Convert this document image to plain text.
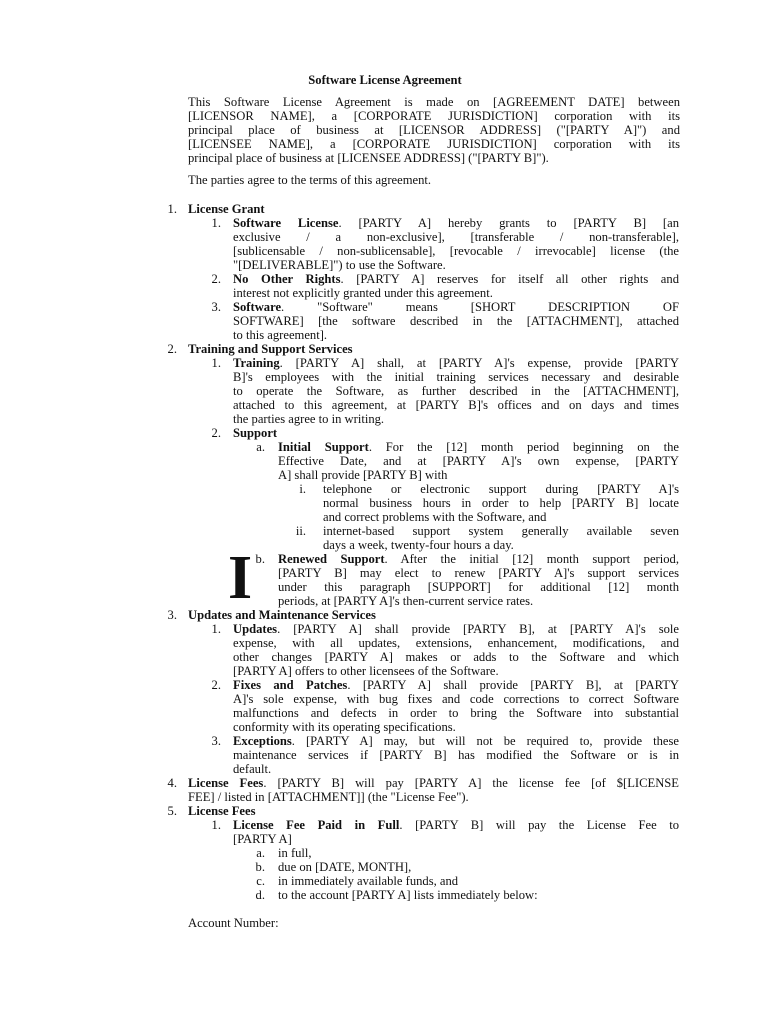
Software License Agreement
This Software License Agreement is made on [AGREEMENT DATE] between
[LICENSOR NAME], a [CORPORATE JURISDICTION] corporation with its
principal place of business at [LICENSOR ADDRESS] ("[PARTY A]") and
[LICENSEE NAME], a [CORPORATE JURISDICTION] corporation with its
principal place of business at [LICENSEE ADDRESS] ("[PARTY B]").
The parties agree to the terms of this agreement.
1. License Grant
1. Software License. [PARTY A] hereby grants to [PARTY B] [an
exclusive / a non-exclusive], [transferable / non-transferable],
[sublicensable / non-sublicensable], [revocable / irrevocable] license (the
"[DELIVERABLE]") to use the Software.
2. No Other Rights. [PARTY A] reserves for itself all other rights and
interest not explicitly granted under this agreement.
3. Software. "Software" means [SHORT DESCRIPTION OF
SOFTWARE] [the software described in the [ATTACHMENT], attached
to this agreement].
2. Training and Support Services
1. Training. [PARTY A] shall, at [PARTY A]'s expense, provide [PARTY
B]'s employees with the initial training services necessary and desirable
to operate the Software, as further described in the [ATTACHMENT],
attached to this agreement, at [PARTY B]'s offices and on days and times
the parties agree to in writing.
2. Support
a. Initial Support. For the [12] month period beginning on the
Effective Date, and at [PARTY A]'s own expense, [PARTY
A] shall provide [PARTY B] with
i. telephone or electronic support during [PARTY A]'s
normal business hours in order to help [PARTY B] locate
and correct problems with the Software, and
ii. internet-based support system generally available seven
days a week, twenty-four hours a day.
I b. Renewed Support. After the initial [12] month support period,
[PARTY B] may elect to renew [PARTY A]'s support services
under this paragraph [SUPPORT] for additional [12] month
periods, at [PARTY A]'s then-current service rates.
3. Updates and Maintenance Services
1. Updates. [PARTY A] shall provide [PARTY B], at [PARTY A]'s sole
expense, with all updates, extensions, enhancement, modifications, and
other changes [PARTY A] makes or adds to the Software and which
[PARTY A] offers to other licensees of the Software.
2. Fixes and Patches. [PARTY A] shall provide [PARTY B], at [PARTY
A]'s sole expense, with bug fixes and code corrections to correct Software
malfunctions and defects in order to bring the Software into substantial
conformity with its operating specifications.
3. Exceptions. [PARTY A] may, but will not be required to, provide these
maintenance services if [PARTY B] has modified the Software or is in
default.
4. License Fees. [PARTY B] will pay [PARTY A] the license fee [of $[LICENSE
FEE] / listed in [ATTACHMENT]] (the "License Fee").
5. License Fees
1. License Fee Paid in Full. [PARTY B] will pay the License Fee to
[PARTY A]
a. in full,
b. due on [DATE, MONTH],
c. in immediately available funds, and
d. to the account [PARTY A] lists immediately below:
Account Number:
